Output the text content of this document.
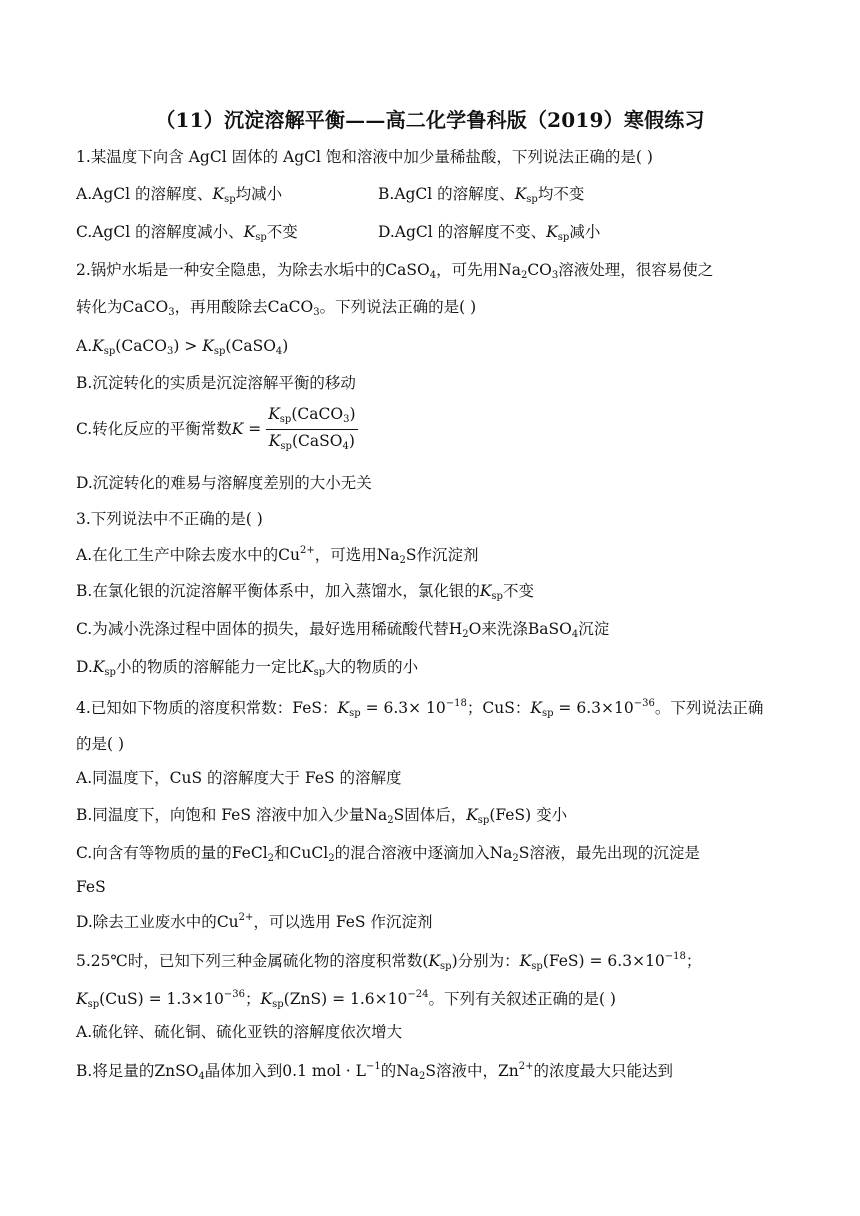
（11）沉淀溶解平衡——高二化学鲁科版（2019）寒假练习
1.某温度下向含 AgCl 固体的 AgCl 饱和溶液中加少量稀盐酸，下列说法正确的是( )
A.AgCl 的溶解度、$K_{sp}$均减小	B.AgCl 的溶解度、$K_{sp}$均不变
C.AgCl 的溶解度减小、$K_{sp}$不变	D.AgCl 的溶解度不变、$K_{sp}$减小
2.锅炉水垢是一种安全隐患，为除去水垢中的CaSO$_4$，可先用$Na_2CO_3$溶液处理，很容易使之
转化为CaCO$_3$，再用酸除去CaCO$_3$。下列说法正确的是( )
$A.K_{sp}(CaCO_3)$ > $K_{sp}(CaSO_4)$
B.沉淀转化的实质是沉淀溶解平衡的移动
C.转化反应的平衡常数$K = \frac{K_{sp}(CaCO_3)}{K_{sp}(CaSO_4)}$
D.沉淀转化的难易与溶解度差别的大小无关
3.下列说法中不正确的是( )
A.在化工生产中除去废水中的$Cu^{2+}$，可选用$Na_2S$作沉淀剂
B.在氯化银的沉淀溶解平衡体系中，加入蒸馏水，氯化银的$K_{sp}$不变
C.为减小洗涤过程中固体的损失，最好选用稀硫酸代替$H_2O$来洗涤BaSO$_4$沉淀
$D.K_{sp}$小的物质的溶解能力一定比$K_{sp}$大的物质的小
4.已知如下物质的溶度积常数：FeS：$K_{sp} = 6.3\times 10^{-18}$；CuS：$K_{sp} = 6.3\times 10^{-36}$。下列说法正确
的是( )
A.同温度下，CuS 的溶解度大于 FeS 的溶解度
B.同温度下，向饱和 FeS 溶液中加入少量$Na_2S$固体后，$K_{sp}(FeS)$ 变小
C.向含有等物质的量的FeCl$_2$和CuCl$_2$的混合溶液中逐滴加入$Na_2S$溶液，最先出现的沉淀是
FeS
D.除去工业废水中的$Cu^{2+}$，可以选用 FeS 作沉淀剂
5.25℃时，已知下列三种金属硫化物的溶度积常数$(K_{sp})$分别为：$K_{sp}(FeS) = 6.3\times 10^{-18}$；
$K_{sp}(CuS) = 1.3\times 10^{-36}$；$K_{sp}(ZnS) = 1.6\times 10^{-24}$。下列有关叙述正确的是( )
A.硫化锌、硫化铜、硫化亚铁的溶解度依次增大
B.将足量的ZnSO$_4$晶体加入到0.1 mol · $L^{-1}$的$Na_2S$溶液中，$Zn^{2+}$的浓度最大只能达到
